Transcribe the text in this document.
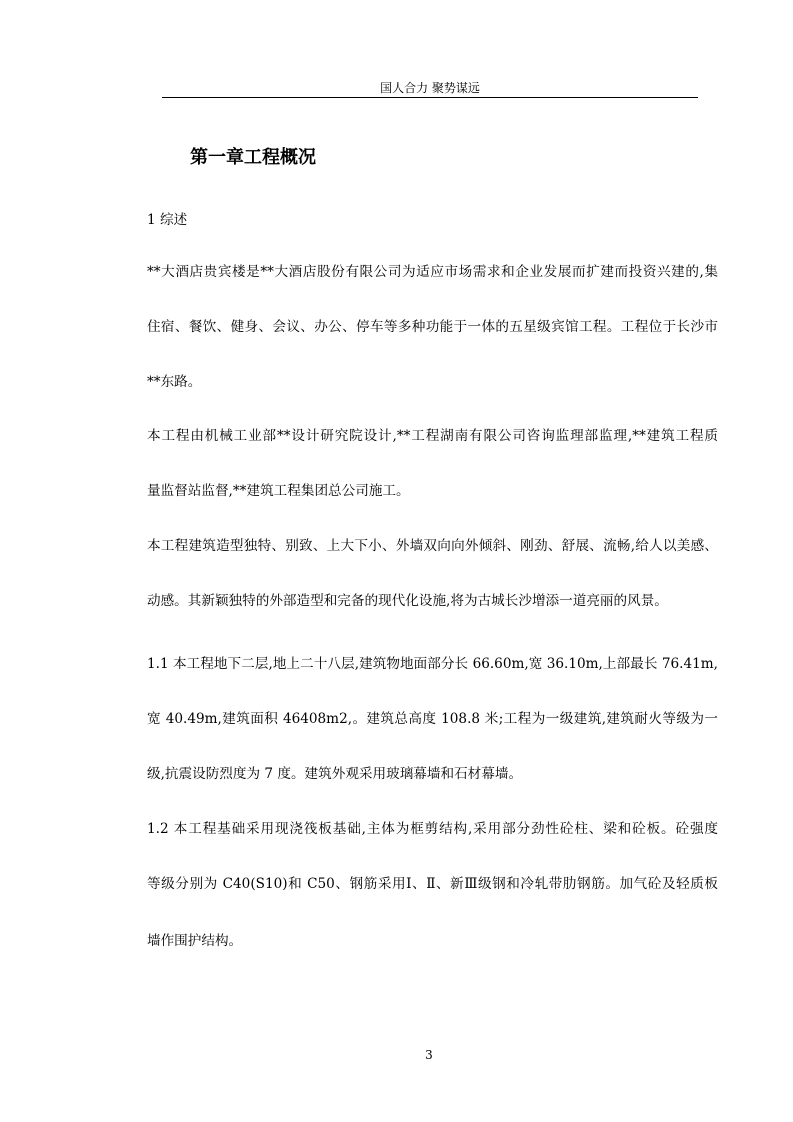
国人合力 聚势谋远
第一章工程概况
1 综述
**大酒店贵宾楼是**大酒店股份有限公司为适应市场需求和企业发展而扩建而投资兴建的,集
住宿、餐饮、健身、会议、办公、停车等多种功能于一体的五星级宾馆工程。工程位于长沙市
**东路。
本工程由机械工业部**设计研究院设计,**工程湖南有限公司咨询监理部监理,**建筑工程质
量监督站监督,**建筑工程集团总公司施工。
本工程建筑造型独特、别致、上大下小、外墙双向向外倾斜、刚劲、舒展、流畅,给人以美感、
动感。其新颖独特的外部造型和完备的现代化设施,将为古城长沙增添一道亮丽的风景。
1.1 本工程地下二层,地上二十八层,建筑物地面部分长 66.60m,宽 36.10m,上部最长 76.41m,
宽 40.49m,建筑面积 46408m2,。建筑总高度 108.8 米;工程为一级建筑,建筑耐火等级为一
级,抗震设防烈度为 7 度。建筑外观采用玻璃幕墙和石材幕墙。
1.2 本工程基础采用现浇筏板基础,主体为框剪结构,采用部分劲性砼柱、梁和砼板。砼强度
等级分别为 C40(S10)和 C50、钢筋采用Ⅰ、Ⅱ、新Ⅲ级钢和冷轧带肋钢筋。加气砼及轻质板
墙作围护结构。
3
